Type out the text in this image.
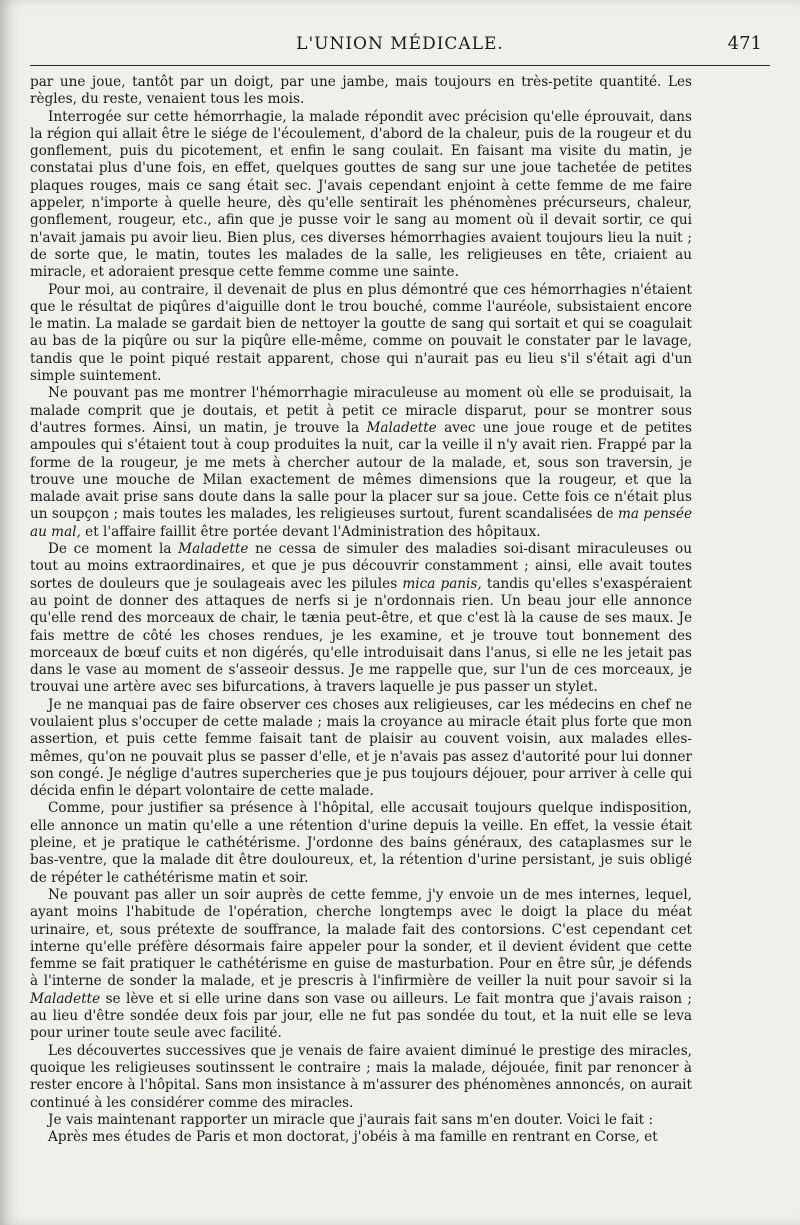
L'UNION MÉDICALE.	471

par une joue, tantôt par un doigt, par une jambe, mais toujours en très-petite quantité. Les règles, du reste, venaient tous les mois.

Interrogée sur cette hémorrhagie, la malade répondit avec précision qu'elle éprouvait, dans la région qui allait être le siége de l'écoulement, d'abord de la chaleur, puis de la rougeur et du gonflement, puis du picotement, et enfin le sang coulait. En faisant ma visite du matin, je constatai plus d'une fois, en effet, quelques gouttes de sang sur une joue tachetée de petites plaques rouges, mais ce sang était sec. J'avais cependant enjoint à cette femme de me faire appeler, n'importe à quelle heure, dès qu'elle sentirait les phénomènes précurseurs, chaleur, gonflement, rougeur, etc., afin que je pusse voir le sang au moment où il devait sortir, ce qui n'avait jamais pu avoir lieu. Bien plus, ces diverses hémorrhagies avaient toujours lieu la nuit ; de sorte que, le matin, toutes les malades de la salle, les religieuses en tête, criaient au miracle, et adoraient presque cette femme comme une sainte.

Pour moi, au contraire, il devenait de plus en plus démontré que ces hémorrhagies n'étaient que le résultat de piqûres d'aiguille dont le trou bouché, comme l'auréole, subsistaient encore le matin. La malade se gardait bien de nettoyer la goutte de sang qui sortait et qui se coagulait au bas de la piqûre ou sur la piqûre elle-même, comme on pouvait le constater par le lavage, tandis que le point piqué restait apparent, chose qui n'aurait pas eu lieu s'il s'était agi d'un simple suintement.

Ne pouvant pas me montrer l'hémorrhagie miraculeuse au moment où elle se produisait, la malade comprit que je doutais, et petit à petit ce miracle disparut, pour se montrer sous d'autres formes. Ainsi, un matin, je trouve la Maladette avec une joue rouge et de petites ampoules qui s'étaient tout à coup produites la nuit, car la veille il n'y avait rien. Frappé par la forme de la rougeur, je me mets à chercher autour de la malade, et, sous son traversin, je trouve une mouche de Milan exactement de mêmes dimensions que la rougeur, et que la malade avait prise sans doute dans la salle pour la placer sur sa joue. Cette fois ce n'était plus un soupçon ; mais toutes les malades, les religieuses surtout, furent scandalisées de ma pensée au mal, et l'affaire faillit être portée devant l'Administration des hôpitaux.

De ce moment la Maladette ne cessa de simuler des maladies soi-disant miraculeuses ou tout au moins extraordinaires, et que je pus découvrir constamment ; ainsi, elle avait toutes sortes de douleurs que je soulageais avec les pilules mica panis, tandis qu'elles s'exaspéraient au point de donner des attaques de nerfs si je n'ordonnais rien. Un beau jour elle annonce qu'elle rend des morceaux de chair, le tænia peut-être, et que c'est là la cause de ses maux. Je fais mettre de côté les choses rendues, je les examine, et je trouve tout bonnement des morceaux de bœuf cuits et non digérés, qu'elle introduisait dans l'anus, si elle ne les jetait pas dans le vase au moment de s'asseoir dessus. Je me rappelle que, sur l'un de ces morceaux, je trouvai une artère avec ses bifurcations, à travers laquelle je pus passer un stylet.

Je ne manquai pas de faire observer ces choses aux religieuses, car les médecins en chef ne voulaient plus s'occuper de cette malade ; mais la croyance au miracle était plus forte que mon assertion, et puis cette femme faisait tant de plaisir au couvent voisin, aux malades elles-mêmes, qu'on ne pouvait plus se passer d'elle, et je n'avais pas assez d'autorité pour lui donner son congé. Je néglige d'autres supercheries que je pus toujours déjouer, pour arriver à celle qui décida enfin le départ volontaire de cette malade.

Comme, pour justifier sa présence à l'hôpital, elle accusait toujours quelque indisposition, elle annonce un matin qu'elle a une rétention d'urine depuis la veille. En effet, la vessie était pleine, et je pratique le cathétérisme. J'ordonne des bains généraux, des cataplasmes sur le bas-ventre, que la malade dit être douloureux, et, la rétention d'urine persistant, je suis obligé de répéter le cathétérisme matin et soir.

Ne pouvant pas aller un soir auprès de cette femme, j'y envoie un de mes internes, lequel, ayant moins l'habitude de l'opération, cherche longtemps avec le doigt la place du méat urinaire, et, sous prétexte de souffrance, la malade fait des contorsions. C'est cependant cet interne qu'elle préfère désormais faire appeler pour la sonder, et il devient évident que cette femme se fait pratiquer le cathétérisme en guise de masturbation. Pour en être sûr, je défends à l'interne de sonder la malade, et je prescris à l'infirmière de veiller la nuit pour savoir si la Maladette se lève et si elle urine dans son vase ou ailleurs. Le fait montra que j'avais raison ; au lieu d'être sondée deux fois par jour, elle ne fut pas sondée du tout, et la nuit elle se leva pour uriner toute seule avec facilité.

Les découvertes successives que je venais de faire avaient diminué le prestige des miracles, quoique les religieuses soutinssent le contraire ; mais la malade, déjouée, finit par renoncer à rester encore à l'hôpital. Sans mon insistance à m'assurer des phénomènes annoncés, on aurait continué à les considérer comme des miracles.

Je vais maintenant rapporter un miracle que j'aurais fait sans m'en douter. Voici le fait :

Après mes études de Paris et mon doctorat, j'obéis à ma famille en rentrant en Corse, et
